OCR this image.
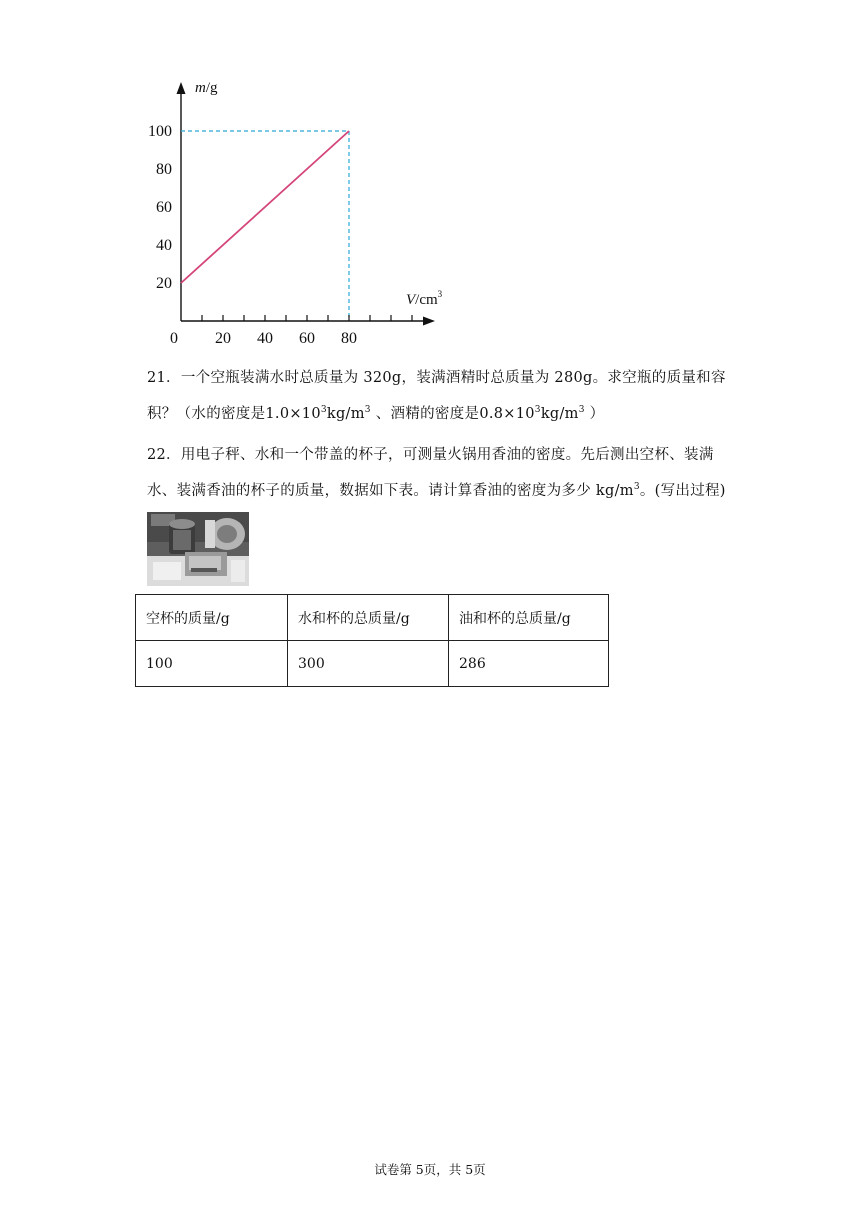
20 40 60 80
20
40
60
80
100
m/g
$V/cm^3$
0
21．一个空瓶装满水时总质量为 320g，装满酒精时总质量为 280g。求空瓶的质量和容
积？（水的密度是$1.0\times 10^3kg/m^3$ 、酒精的密度是$0.8\times 10^3kg/m^3$ ）
22．用电子秤、水和一个带盖的杯子，可测量火锅用香油的密度。先后测出空杯、装满
水、装满香油的杯子的质量，数据如下表。请计算香油的密度为多少 $kg/m^3$。(写出过程)
空杯的质量/g	水和杯的总质量/g	油和杯的总质量/g
100	300	286
试卷第 5页，共 5页
